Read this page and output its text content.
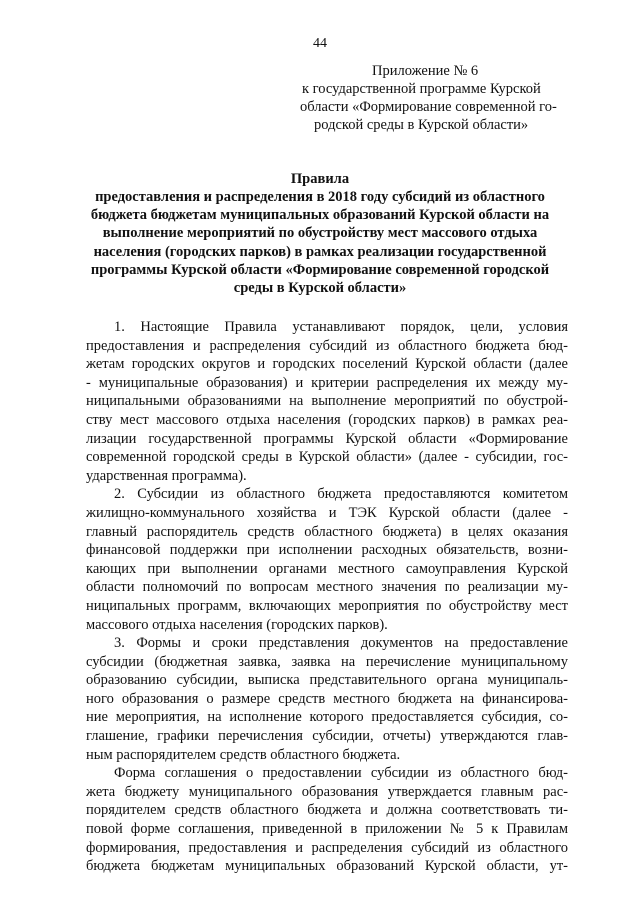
44
Приложение № 6
к государственной программе Курской
области «Формирование современной го-
родской среды в Курской области»
Правила
предоставления и распределения в 2018 году субсидий из областного
бюджета бюджетам муниципальных образований Курской области на
выполнение мероприятий по обустройству мест массового отдыха
населения (городских парков) в рамках реализации государственной
программы Курской области «Формирование современной городской
среды в Курской области»
1. Настоящие Правила устанавливают порядок, цели, условия
предоставления и распределения субсидий из областного бюджета бюд-
жетам городских округов и городских поселений Курской области (далее
- муниципальные образования) и критерии распределения их между му-
ниципальными образованиями на выполнение мероприятий по обустрой-
ству мест массового отдыха населения (городских парков) в рамках реа-
лизации государственной программы Курской области «Формирование
современной городской среды в Курской области» (далее - субсидии, гос-
ударственная программа).
2. Субсидии из областного бюджета предоставляются комитетом
жилищно-коммунального хозяйства и ТЭК Курской области (далее -
главный распорядитель средств областного бюджета) в целях оказания
финансовой поддержки при исполнении расходных обязательств, возни-
кающих при выполнении органами местного самоуправления Курской
области полномочий по вопросам местного значения по реализации му-
ниципальных программ, включающих мероприятия по обустройству мест
массового отдыха населения (городских парков).
3. Формы и сроки представления документов на предоставление
субсидии (бюджетная заявка, заявка на перечисление муниципальному
образованию субсидии, выписка представительного органа муниципаль-
ного образования о размере средств местного бюджета на финансирова-
ние мероприятия, на исполнение которого предоставляется субсидия, со-
глашение, графики перечисления субсидии, отчеты) утверждаются глав-
ным распорядителем средств областного бюджета.
Форма соглашения о предоставлении субсидии из областного бюд-
жета бюджету муниципального образования утверждается главным рас-
порядителем средств областного бюджета и должна соответствовать ти-
повой форме соглашения, приведенной в приложении № 5 к Правилам
формирования, предоставления и распределения субсидий из областного
бюджета бюджетам муниципальных образований Курской области, ут-
